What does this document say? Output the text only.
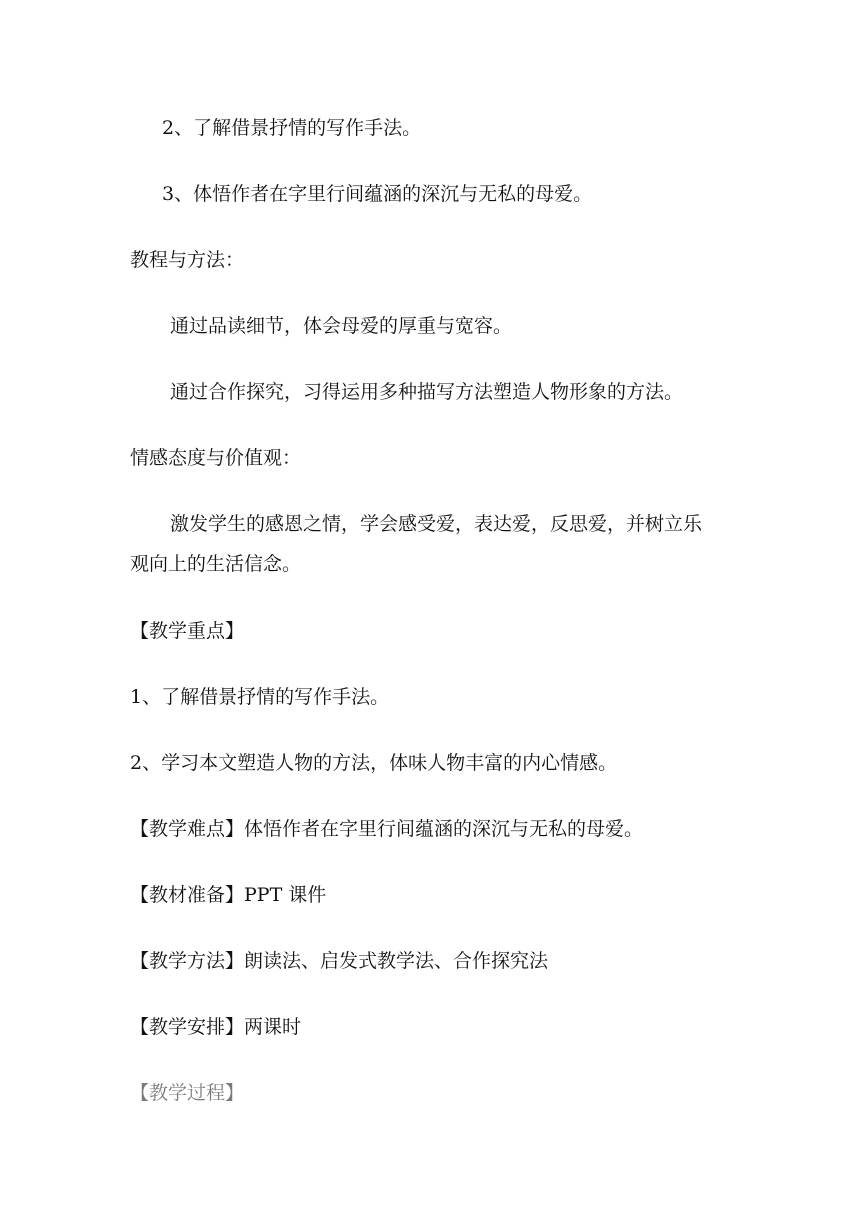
2、了解借景抒情的写作手法。
3、体悟作者在字里行间蕴涵的深沉与无私的母爱。
教程与方法：
通过品读细节，体会母爱的厚重与宽容。
通过合作探究，习得运用多种描写方法塑造人物形象的方法。
情感态度与价值观：
激发学生的感恩之情，学会感受爱，表达爱，反思爱，并树立乐
观向上的生活信念。
【教学重点】
1、了解借景抒情的写作手法。
2、学习本文塑造人物的方法，体味人物丰富的内心情感。
【教学难点】体悟作者在字里行间蕴涵的深沉与无私的母爱。
【教材准备】PPT 课件
【教学方法】朗读法、启发式教学法、合作探究法
【教学安排】两课时
【教学过程】
